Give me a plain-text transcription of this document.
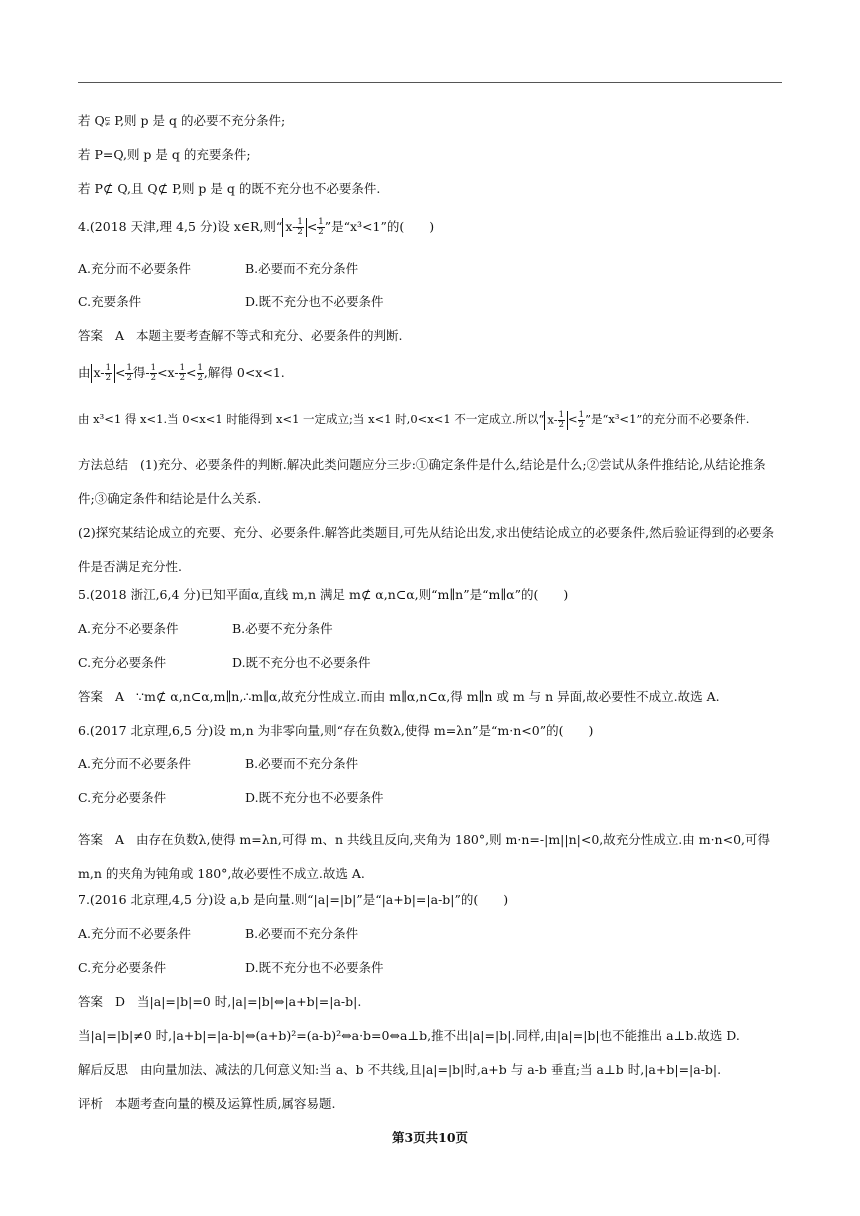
若 Q⫋ P,则 p 是 q 的必要不充分条件;
若 P=Q,则 p 是 q 的充要条件;
若 P⊄ Q,且 Q⊄ P,则 p 是 q 的既不充分也不必要条件.
4.(2018 天津,理 4,5 分)设 x∈R,则“ $x- \frac{1}{2} < \frac{1}{2}$ ”是“x³<1”的(　　)
A.充分而不必要条件	B.必要而不充分条件
C.充要条件	D.既不充分也不必要条件
答案 A 本题主要考查解不等式和充分、必要条件的判断.
由 $x- \frac{1}{2} < \frac{1}{2}$ 得- $\frac{1}{2} <x- \frac{1}{2} < \frac{1}{2}$ ,解得 0<x<1.
由 x³<1 得 x<1.当 0<x<1 时能得到 x<1 一定成立;当 x<1 时,0<x<1 不一定成立.所以“ $x- \frac{1}{2} < \frac{1}{2}$ ”是“x³<1”的充分而不必要条件.
方法总结 (1)充分、必要条件的判断.解决此类问题应分三步:①确定条件是什么,结论是什么;②尝试从条件推结论,从结论推条件;③确定条件和结论是什么关系.
(2)探究某结论成立的充要、充分、必要条件.解答此类题目,可先从结论出发,求出使结论成立的必要条件,然后验证得到的必要条件是否满足充分性.
5.(2018 浙江,6,4 分)已知平面α,直线 m,n 满足 m⊄ α,n⊂α,则“m∥n”是“m∥α”的(　　)
A.充分不必要条件	B.必要不充分条件
C.充分必要条件	D.既不充分也不必要条件
答案 A ∵m⊄ α,n⊂α,m∥n,∴m∥α,故充分性成立.而由 m∥α,n⊂α,得 m∥n 或 m 与 n 异面,故必要性不成立.故选 A.
6.(2017 北京理,6,5 分)设 m,n 为非零向量,则“存在负数λ,使得 m=λn”是“m·n<0”的(　　)
A.充分而不必要条件	B.必要而不充分条件
C.充分必要条件	D.既不充分也不必要条件
答案 A 由存在负数λ,使得 m=λn,可得 m、n 共线且反向,夹角为 180°,则 m·n=-|m||n|<0,故充分性成立.由 m·n<0,可得 m,n 的夹角为钝角或 180°,故必要性不成立.故选 A.
7.(2016 北京理,4,5 分)设 a,b 是向量.则“|a|=|b|”是“|a+b|=|a-b|”的(　　)
A.充分而不必要条件	B.必要而不充分条件
C.充分必要条件	D.既不充分也不必要条件
答案 D 当|a|=|b|=0 时,|a|=|b|⇔|a+b|=|a-b|.
当|a|=|b|≠0 时,|a+b|=|a-b|⇔(a+b)²=(a-b)²⇔a·b=0⇔a⊥b,推不出|a|=|b|.同样,由|a|=|b|也不能推出 a⊥b.故选 D.
解后反思 由向量加法、减法的几何意义知:当 a、b 不共线,且|a|=|b|时,a+b 与 a-b 垂直;当 a⊥b 时,|a+b|=|a-b|.
评析 本题考查向量的模及运算性质,属容易题.
第3页共10页
